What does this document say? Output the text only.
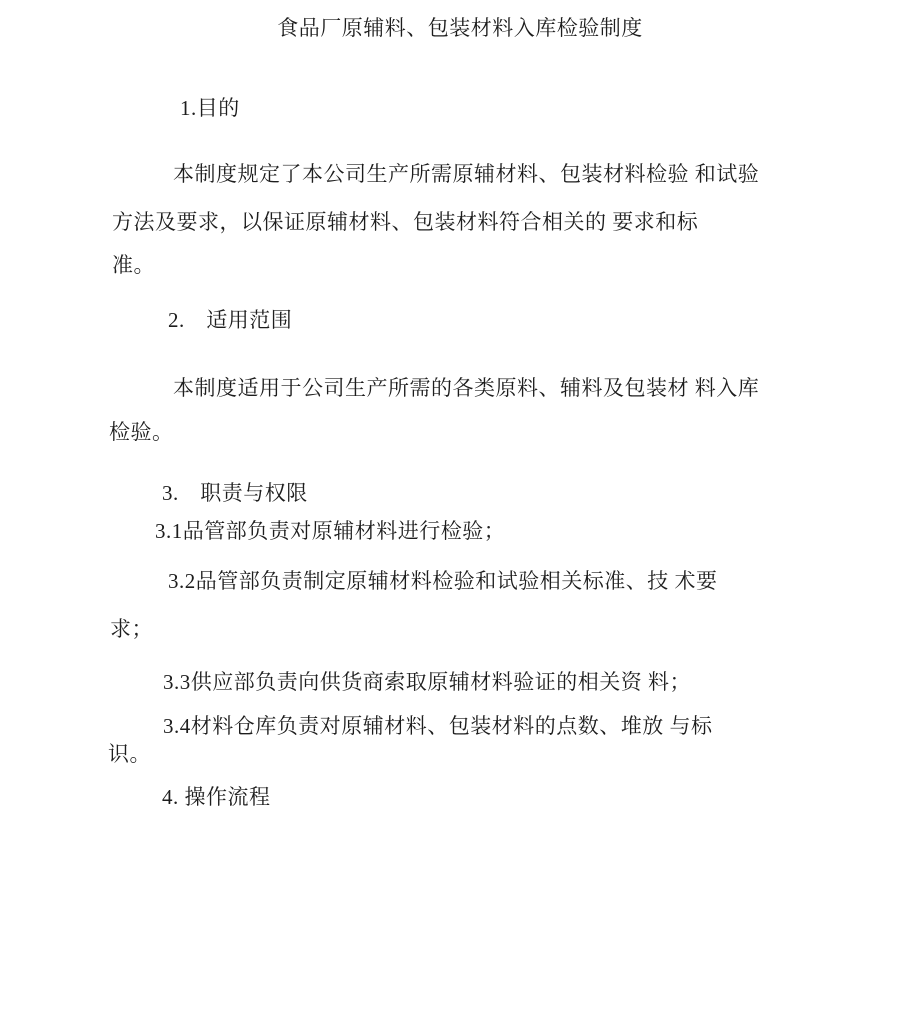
食品厂原辅料、包装材料入库检验制度
1.目的
本制度规定了本公司生产所需原辅材料、包装材料检验 和试验
方法及要求，以保证原辅材料、包装材料符合相关的 要求和标
准。
2.　适用范围
本制度适用于公司生产所需的各类原料、辅料及包装材 料入库
检验。
3.　职责与权限
3.1品管部负责对原辅材料进行检验；
3.2品管部负责制定原辅材料检验和试验相关标准、技 术要
求；
3.3供应部负责向供货商索取原辅材料验证的相关资 料；
3.4材料仓库负责对原辅材料、包装材料的点数、堆放 与标
识。
4. 操作流程
